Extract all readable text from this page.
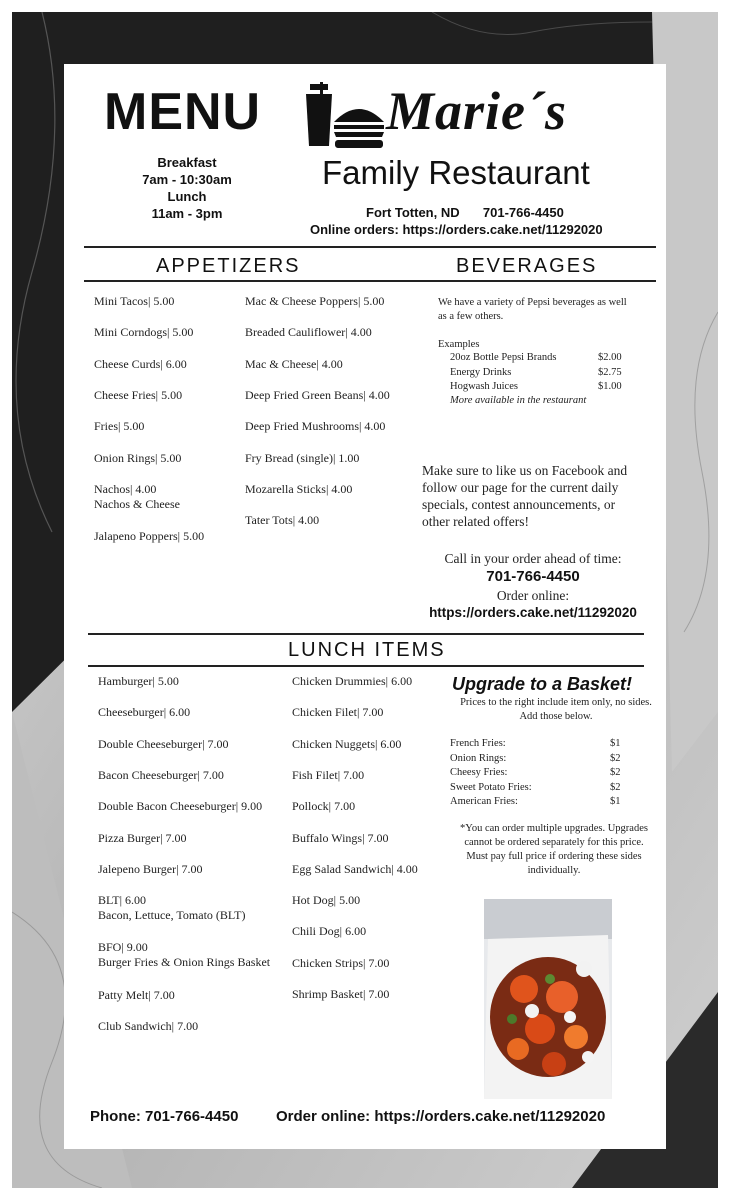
MENU
Breakfast
7am - 10:30am
Lunch
11am - 3pm
Marie´s
Family Restaurant
Fort Totten, ND 701-766-4450
Online orders: https://orders.cake.net/11292020
APPETIZERS	BEVERAGES
Mini Tacos| 5.00
Mini Corndogs| 5.00
Cheese Curds| 6.00
Cheese Fries| 5.00
Fries| 5.00
Onion Rings| 5.00
Nachos| 4.00
Nachos & Cheese
Jalapeno Poppers| 5.00
Mac & Cheese Poppers| 5.00
Breaded Cauliflower| 4.00
Mac & Cheese| 4.00
Deep Fried Green Beans| 4.00
Deep Fried Mushrooms| 4.00
Fry Bread (single)| 1.00
Mozarella Sticks| 4.00
Tater Tots| 4.00
We have a variety of Pepsi beverages as well as a few others.
Examples
20oz Bottle Pepsi Brands	$2.00
Energy Drinks	$2.75
Hogwash Juices	$1.00
More available in the restaurant
Make sure to like us on Facebook and follow our page for the current daily specials, contest announcements, or other related offers!
Call in your order ahead of time:
701-766-4450
Order online:
https://orders.cake.net/11292020
LUNCH ITEMS
Hamburger| 5.00
Cheeseburger| 6.00
Double Cheeseburger| 7.00
Bacon Cheeseburger| 7.00
Double Bacon Cheeseburger| 9.00
Pizza Burger| 7.00
Jalepeno Burger| 7.00
BLT| 6.00
Bacon, Lettuce, Tomato (BLT)
BFO| 9.00
Burger Fries & Onion Rings Basket
Patty Melt| 7.00
Club Sandwich| 7.00
Chicken Drummies| 6.00
Chicken Filet| 7.00
Chicken Nuggets| 6.00
Fish Filet| 7.00
Pollock| 7.00
Buffalo Wings| 7.00
Egg Salad Sandwich| 4.00
Hot Dog| 5.00
Chili Dog| 6.00
Chicken Strips| 7.00
Shrimp Basket| 7.00
Upgrade to a Basket!
Prices to the right include item only, no sides. Add those below.
French Fries:	$1
Onion Rings:	$2
Cheesy Fries:	$2
Sweet Potato Fries:	$2
American Fries:	$1
*You can order multiple upgrades. Upgrades cannot be ordered separately for this price. Must pay full price if ordering these sides individually.
Phone: 701-766-4450	Order online: https://orders.cake.net/11292020
